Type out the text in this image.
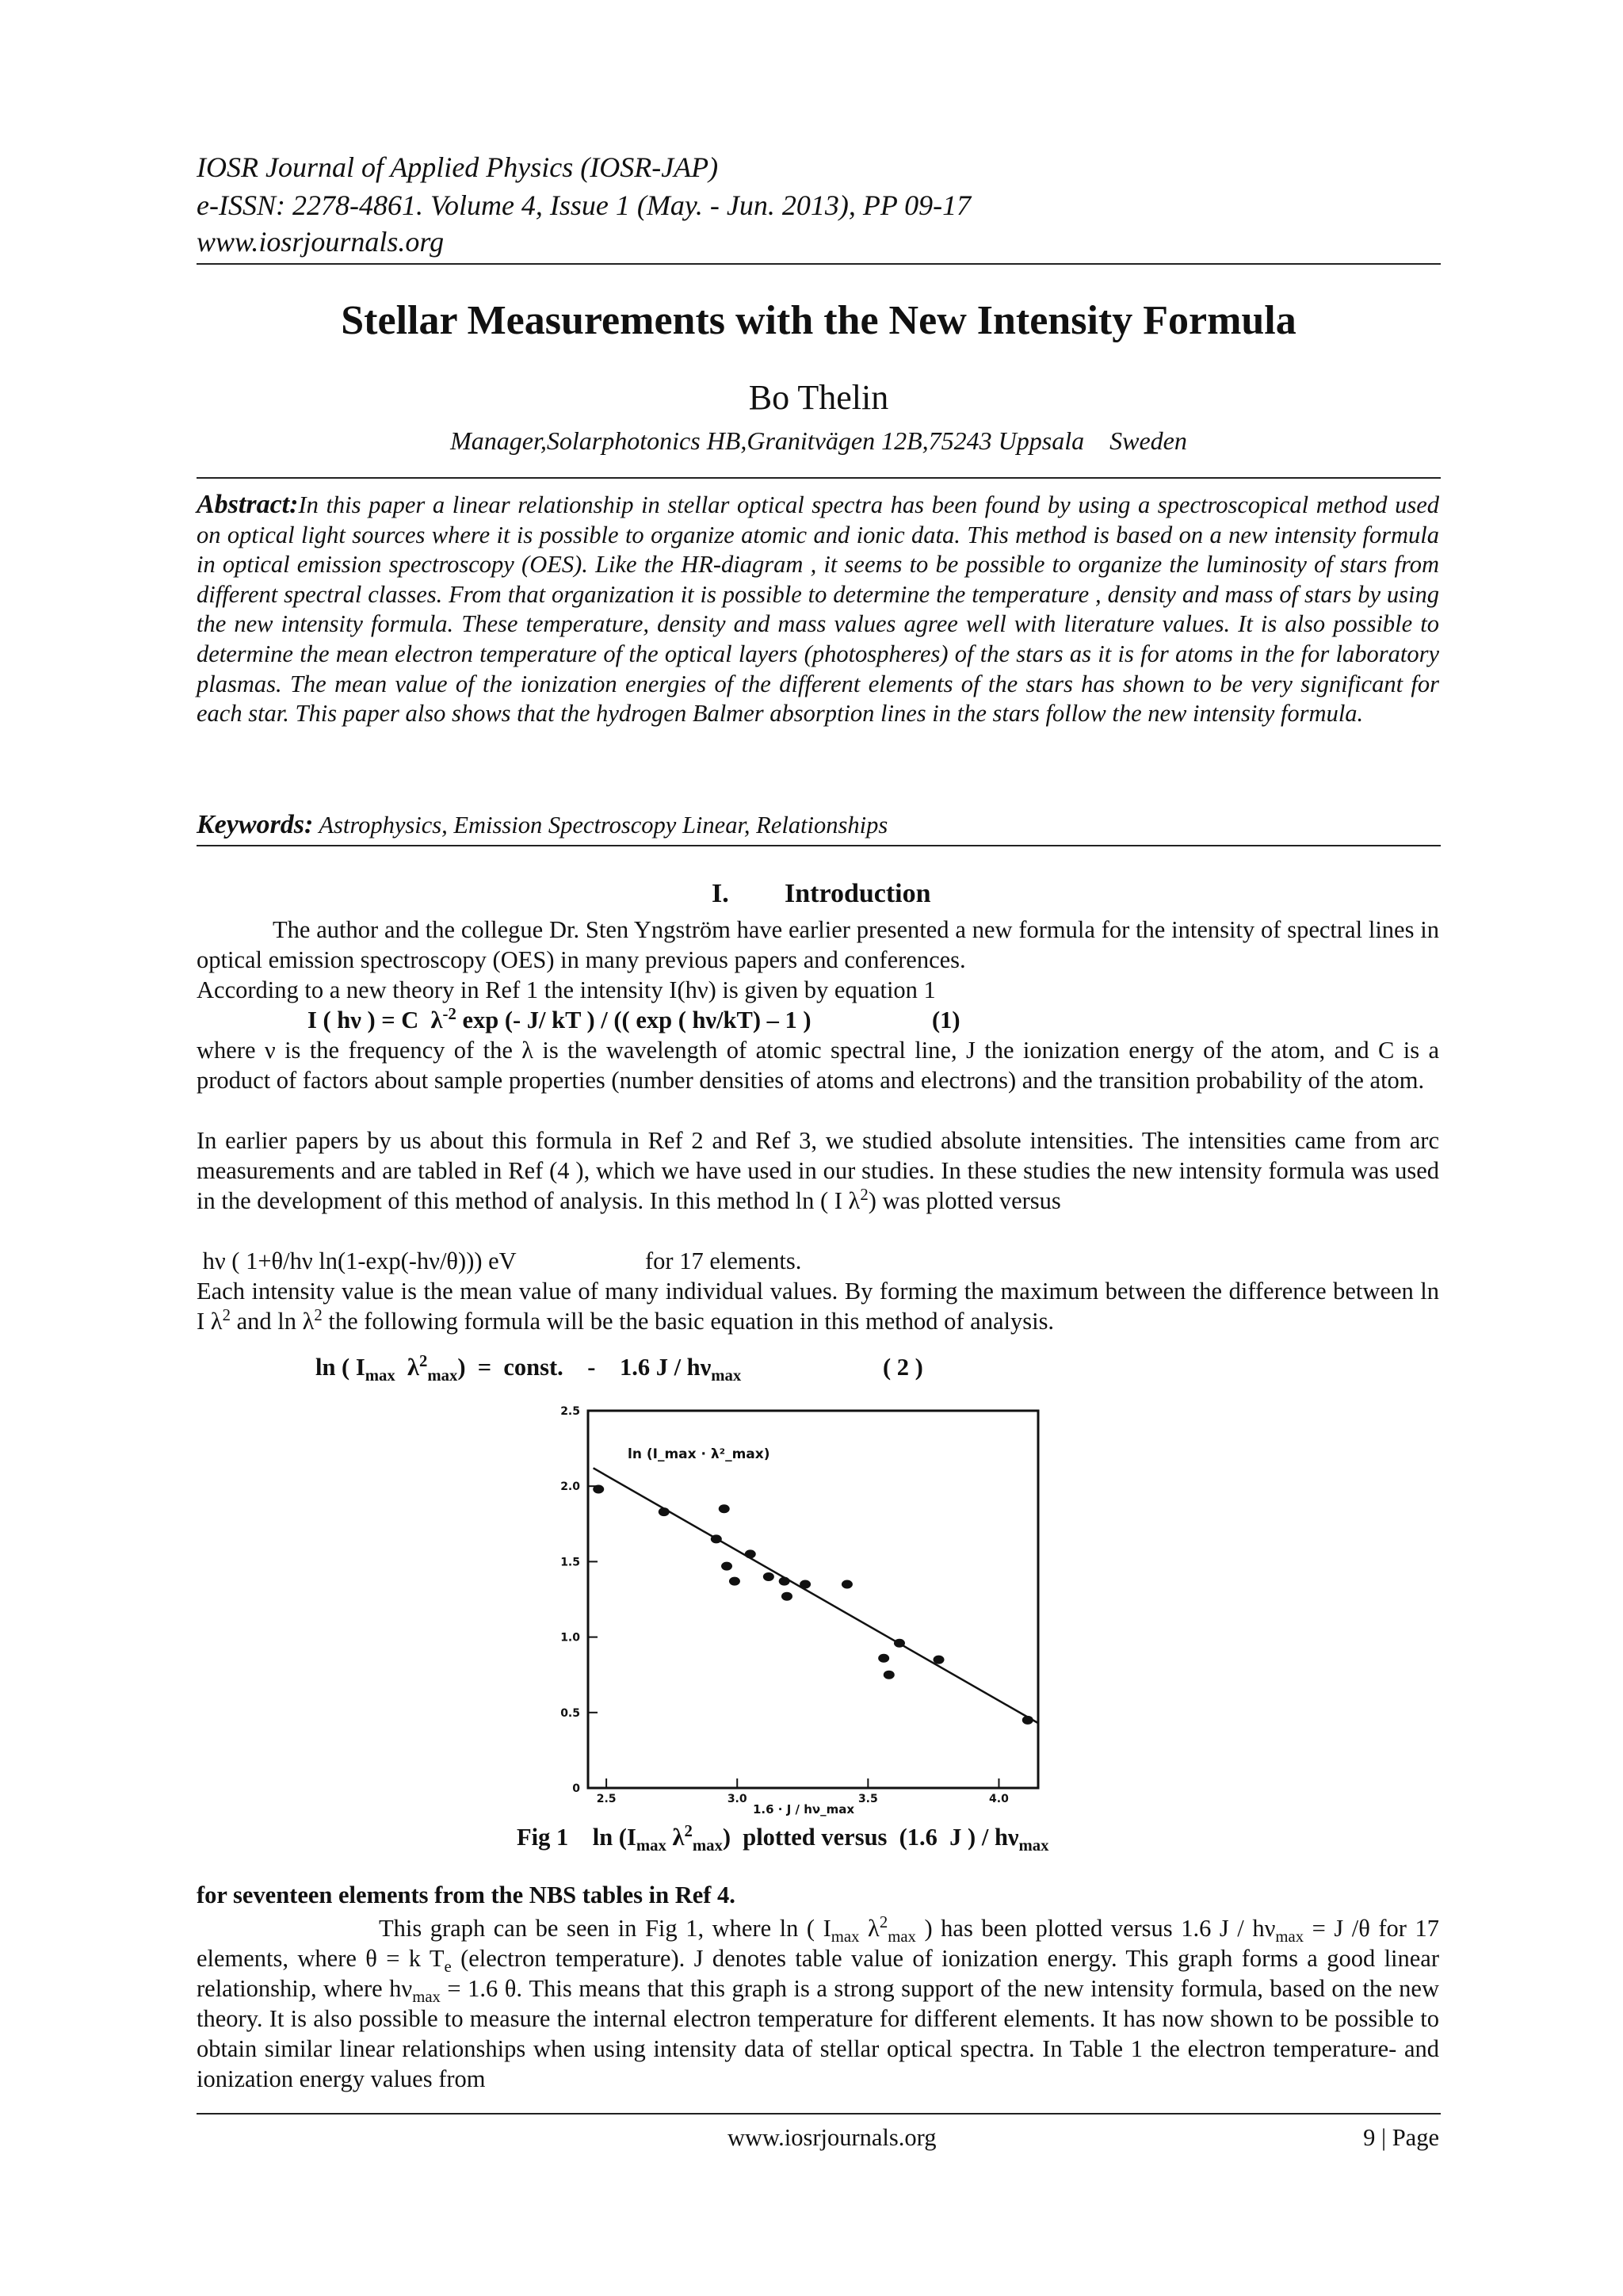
IOSR Journal of Applied Physics (IOSR-JAP)
e-ISSN: 2278-4861. Volume 4, Issue 1 (May. - Jun. 2013), PP 09-17
www.iosrjournals.org
Stellar Measurements with the New Intensity Formula
Bo Thelin
Manager,Solarphotonics HB,Granitvägen 12B,75243 Uppsala    Sweden
Abstract:In this paper a linear relationship in stellar optical spectra has been found by using a spectroscopical method used on optical light sources where it is possible to organize atomic and ionic data. This method is based on a new intensity formula in optical emission spectroscopy (OES). Like the HR-diagram , it seems to be possible to organize the luminosity of stars from different spectral classes. From that organization it is possible to determine the temperature , density and mass of stars by using the new intensity formula. These temperature, density and mass values agree well with literature values. It is also possible to determine the mean electron temperature of the optical layers (photospheres) of the stars as it is for atoms in the for laboratory plasmas. The mean value of the ionization energies of the different elements of the stars has shown to be very significant for each star. This paper also shows that the hydrogen Balmer absorption lines in the stars follow the new intensity formula.
Keywords: Astrophysics, Emission Spectroscopy Linear, Relationships
I. Introduction
The author and the collegue Dr. Sten Yngström have earlier presented a new formula for the intensity of spectral lines in optical emission spectroscopy (OES) in many previous papers and conferences.
According to a new theory in Ref 1 the intensity I(hν) is given by equation 1
I ( hν ) = C  $\lambda^{-2}$ exp (- J/ kT ) / (( exp ( hν/kT) – 1 )	(1)
where ν is the frequency of the λ is the wavelength of atomic spectral line, J the ionization energy of the atom, and C is a product of factors about sample properties (number densities of atoms and electrons) and the transition probability of the atom.
In earlier papers by us about this formula in Ref 2 and Ref 3, we studied absolute intensities. The intensities came from arc measurements and are tabled in Ref (4 ), which we have used in our studies. In these studies the new intensity formula was used in the development of this method of analysis. In this method ln ( I $\lambda^2$) was plotted versus
hν ( 1+θ/hν ln(1-exp(-hν/θ))) eV	for 17 elements.
Each intensity value is the mean value of many individual values. By forming the maximum between the difference between ln I $\lambda^2$ and $\ln \lambda^2$ the following formula will be the basic equation in this method of analysis.
ln ( $I_{max}$  $\lambda^2_{max}$)  =  const.    -    1.6 J / $h\nu_{max}$	( 2 )
ln (I_max · λ²_max)
1.6 · J / hν_max
0
0.5
1.0
1.5
2.0
2.5
2.5	3.0	3.5	4.0
Fig 1    $\ln (I_{max}$ $\lambda^2_{max}$)  plotted versus  (1.6  J ) / $h\nu_{max}$
for seventeen elements from the NBS tables in Ref 4.
This graph can be seen in Fig 1, where ln ( $I_{max}$ $\lambda^2_{max}$ ) has been plotted versus 1.6 $J / h\nu_{max} = J$ /θ for 17 elements, where θ = k $T_e$ (electron temperature). J denotes table value of ionization energy. This graph forms a good linear relationship, where $h\nu_{max} = 1.6$ θ. This means that this graph is a strong support of the new intensity formula, based on the new theory. It is also possible to measure the internal electron temperature for different elements. It has now shown to be possible to obtain similar linear relationships when using intensity data of stellar optical spectra. In Table 1 the electron temperature- and ionization energy values from
www.iosrjournals.org	9 | Page
